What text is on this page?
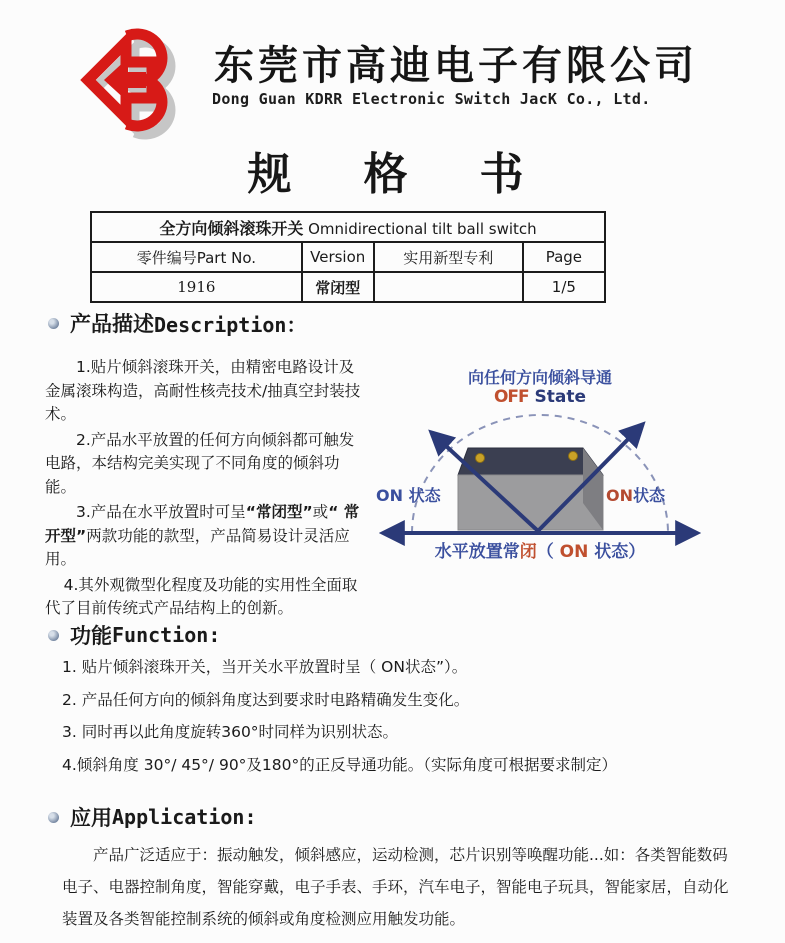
东莞市高迪电子有限公司
Dong Guan KDRR Electronic Switch JacK Co., Ltd.
规　格　书
全方向倾斜滚珠开关 Omnidirectional tilt ball switch			
零件编号Part No.	Version	实用新型专利	Page
1916	常闭型		1/5
产品描述 Description：

1.贴片倾斜滚珠开关，由精密电路设计及金属滚珠构造，高耐性核壳技术/抽真空封装技术。

2.产品水平放置的任何方向倾斜都可触发电路，本结构完美实现了不同角度的倾斜功能。

3.产品在水平放置时可呈“常闭型”或“ 常开型”两款功能的款型，产品简易设计灵活应用。

4.其外观微型化程度及功能的实用性全面取代了目前传统式产品结构上的创新。

向任何方向倾斜导通
OFF State
ON 状态	ON状态
水平放置常闭（ ON 状态）
功能 Function:

1. 贴片倾斜滚珠开关，当开关水平放置时呈（ ON状态”）。

2. 产品任何方向的倾斜角度达到要求时电路精确发生变化。

3. 同时再以此角度旋转360°时同样为识别状态。

4.倾斜角度 30°/ 45°/ 90°及180°的正反导通功能。（实际角度可根据要求制定）

应用 Application:
产品广泛适应于：振动触发，倾斜感应，运动检测，芯片识别等唤醒功能...如：各类智能数码电子、电器控制角度，智能穿戴，电子手表、手环，汽车电子，智能电子玩具，智能家居，自动化装置及各类智能控制系统的倾斜或角度检测应用触发功能。
